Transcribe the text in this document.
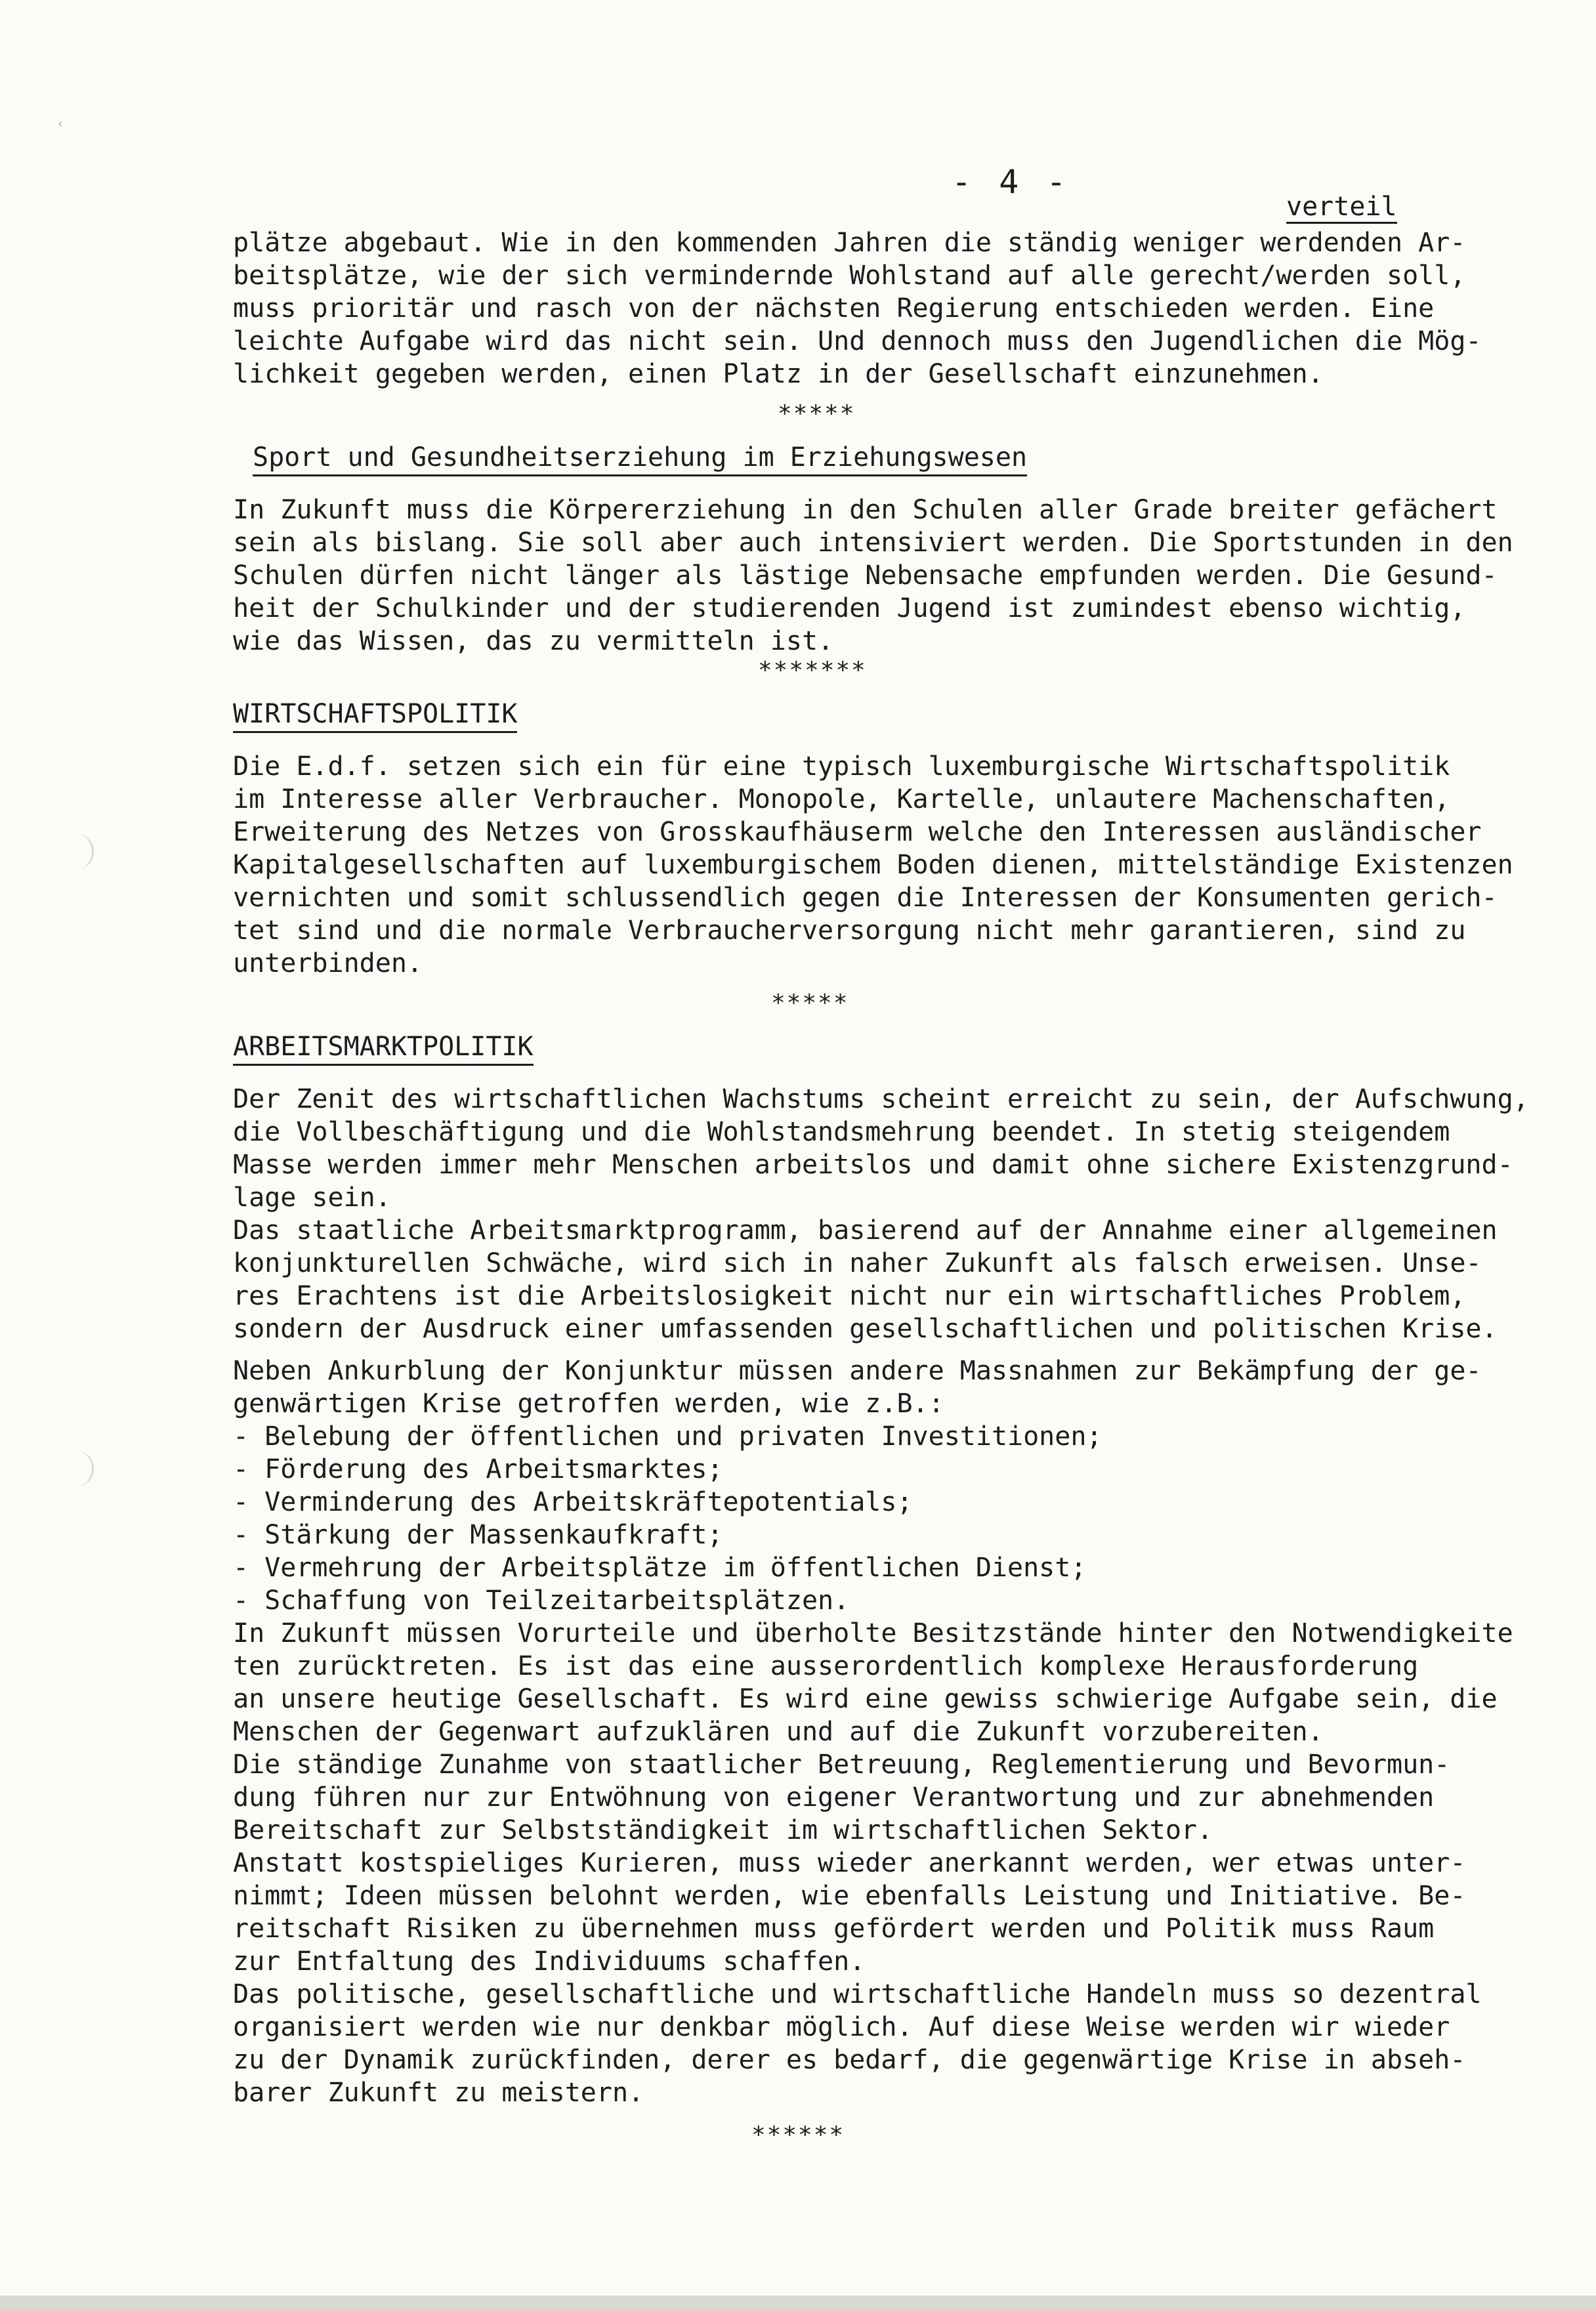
‹
- 4 -
verteil

plätze abgebaut. Wie in den kommenden Jahren die ständig weniger werdenden Ar-
beitsplätze, wie der sich vermindernde Wohlstand auf alle gerecht/werden soll,
muss prioritär und rasch von der nächsten Regierung entschieden werden. Eine
leichte Aufgabe wird das nicht sein. Und dennoch muss den Jugendlichen die Mög-
lichkeit gegeben werden, einen Platz in der Gesellschaft einzunehmen.

*****
Sport und Gesundheitserziehung im Erziehungswesen

In Zukunft muss die Körpererziehung in den Schulen aller Grade breiter gefächert
sein als bislang. Sie soll aber auch intensiviert werden. Die Sportstunden in den
Schulen dürfen nicht länger als lästige Nebensache empfunden werden. Die Gesund-
heit der Schulkinder und der studierenden Jugend ist zumindest ebenso wichtig,
wie das Wissen, das zu vermitteln ist.

*******
WIRTSCHAFTSPOLITIK

Die E.d.f. setzen sich ein für eine typisch luxemburgische Wirtschaftspolitik
im Interesse aller Verbraucher. Monopole, Kartelle, unlautere Machenschaften,
Erweiterung des Netzes von Grosskaufhäuserm welche den Interessen ausländischer
Kapitalgesellschaften auf luxemburgischem Boden dienen, mittelständige Existenzen
vernichten und somit schlussendlich gegen die Interessen der Konsumenten gerich-
tet sind und die normale Verbraucherversorgung nicht mehr garantieren, sind zu
unterbinden.

*****
ARBEITSMARKTPOLITIK

Der Zenit des wirtschaftlichen Wachstums scheint erreicht zu sein, der Aufschwung,
die Vollbeschäftigung und die Wohlstandsmehrung beendet. In stetig steigendem
Masse werden immer mehr Menschen arbeitslos und damit ohne sichere Existenzgrund-
lage sein.

Das staatliche Arbeitsmarktprogramm, basierend auf der Annahme einer allgemeinen
konjunkturellen Schwäche, wird sich in naher Zukunft als falsch erweisen. Unse-
res Erachtens ist die Arbeitslosigkeit nicht nur ein wirtschaftliches Problem,
sondern der Ausdruck einer umfassenden gesellschaftlichen und politischen Krise.

Neben Ankurblung der Konjunktur müssen andere Massnahmen zur Bekämpfung der ge-
genwärtigen Krise getroffen werden, wie z.B.:

- Belebung der öffentlichen und privaten Investitionen;
- Förderung des Arbeitsmarktes;
- Verminderung des Arbeitskräftepotentials;
- Stärkung der Massenkaufkraft;
- Vermehrung der Arbeitsplätze im öffentlichen Dienst;
- Schaffung von Teilzeitarbeitsplätzen.

In Zukunft müssen Vorurteile und überholte Besitzstände hinter den Notwendigkeite
ten zurücktreten. Es ist das eine ausserordentlich komplexe Herausforderung
an unsere heutige Gesellschaft. Es wird eine gewiss schwierige Aufgabe sein, die
Menschen der Gegenwart aufzuklären und auf die Zukunft vorzubereiten.
Die ständige Zunahme von staatlicher Betreuung, Reglementierung und Bevormun-
dung führen nur zur Entwöhnung von eigener Verantwortung und zur abnehmenden
Bereitschaft zur Selbstständigkeit im wirtschaftlichen Sektor.
Anstatt kostspieliges Kurieren, muss wieder anerkannt werden, wer etwas unter-
nimmt; Ideen müssen belohnt werden, wie ebenfalls Leistung und Initiative. Be-
reitschaft Risiken zu übernehmen muss gefördert werden und Politik muss Raum
zur Entfaltung des Individuums schaffen.
Das politische, gesellschaftliche und wirtschaftliche Handeln muss so dezentral
organisiert werden wie nur denkbar möglich. Auf diese Weise werden wir wieder
zu der Dynamik zurückfinden, derer es bedarf, die gegenwärtige Krise in abseh-
barer Zukunft zu meistern.

******
